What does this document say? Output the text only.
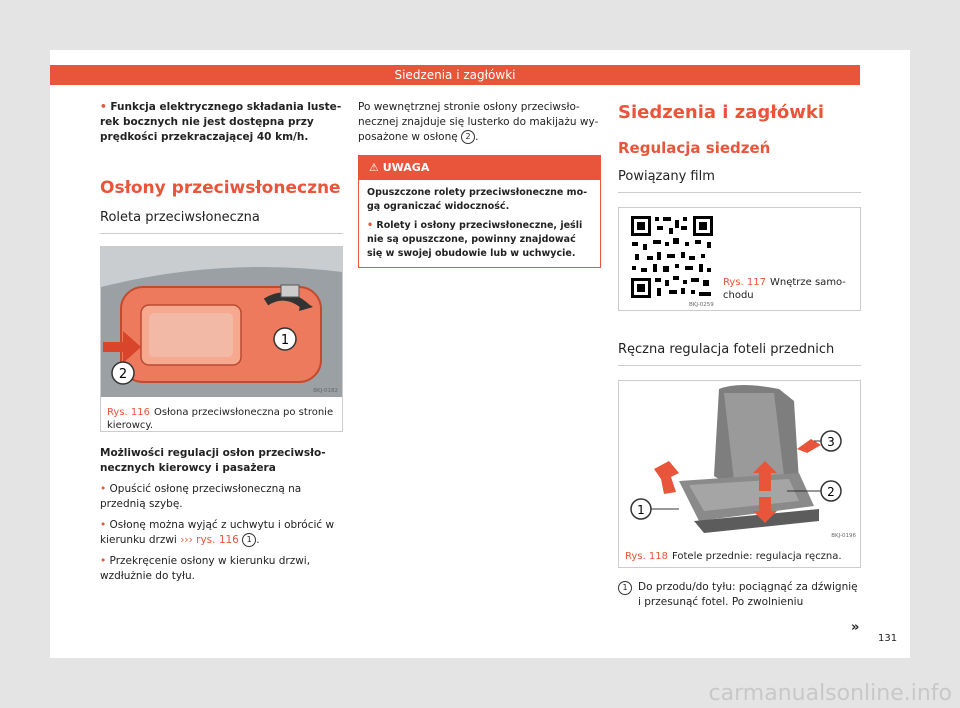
Siedzenia i zagłówki

• Funkcja elektrycznego składania lusterek bocznych nie jest dostępna przy prędkości przekraczającej 40 km/h.

Osłony przeciwsłoneczne

Roleta przeciwsłoneczna

1
2
BKJ-0182
Rys. 116 Osłona przeciwsłoneczna po stronie kierowcy.

Możliwości regulacji osłon przeciwsłonecznych kierowcy i pasażera

• Opuścić osłonę przeciwsłoneczną na przednią szybę.

• Osłonę można wyjąć z uchwytu i obrócić w kierunku drzwi ››› rys. 116 1 .

• Przekręcenie osłony w kierunku drzwi, wzdłużnie do tyłu.

Po wewnętrznej stronie osłony przeciwsłonecznej znajduje się lusterko do makijażu wyposażone w osłonę 2 .

⚠ UWAGA

Opuszczone rolety przeciwsłoneczne mogą ograniczać widoczność.

• Rolety i osłony przeciwsłoneczne, jeśli nie są opuszczone, powinny znajdować się w swojej obudowie lub w uchwycie.

Siedzenia i zagłówki

Regulacja siedzeń

Powiązany film

BKJ-0259
Rys. 117 Wnętrze samochodu

Ręczna regulacja foteli przednich

1
2
3
BKJ-0196
Rys. 118 Fotele przednie: regulacja ręczna.
1 Do przodu/do tyłu: pociągnąć za dźwignię i przesunąć fotel. Po zwolnieniu
»
131
carmanualsonline.info
